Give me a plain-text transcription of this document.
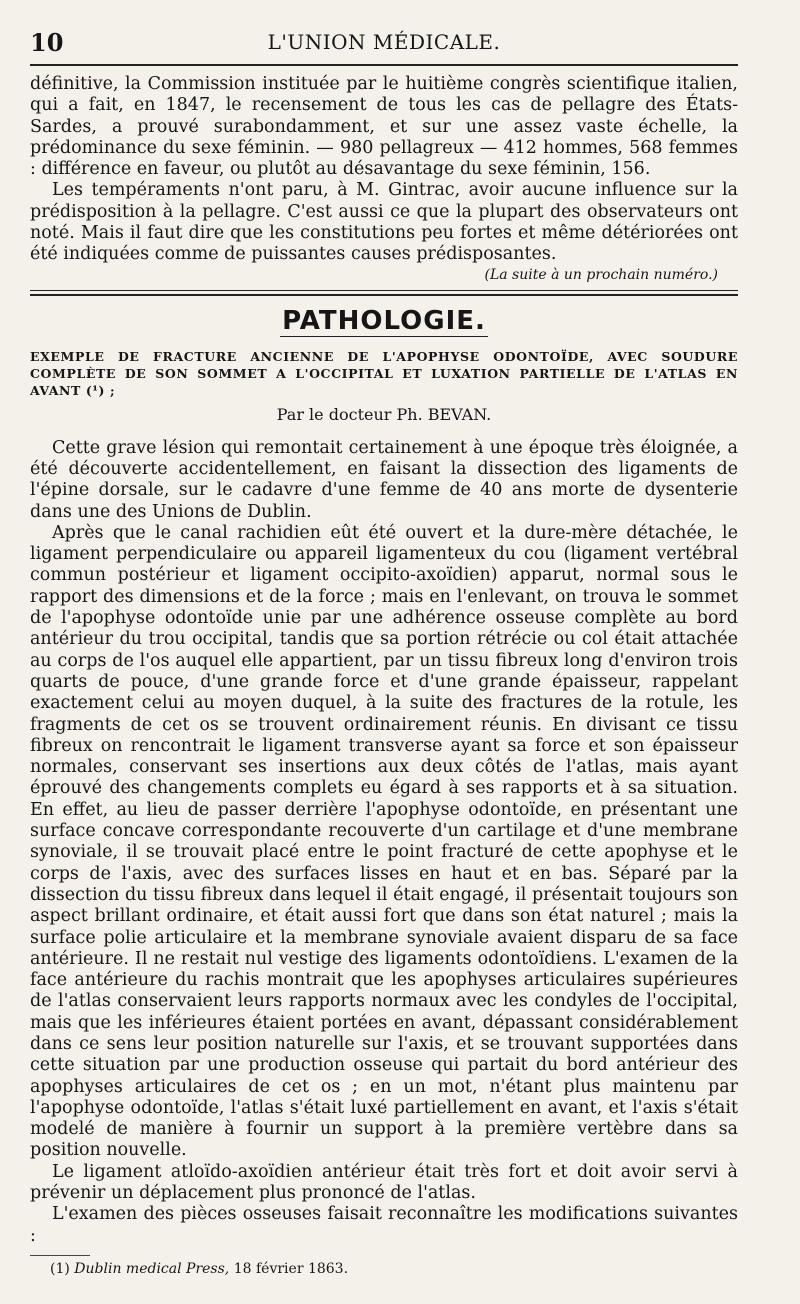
10	L'UNION MÉDICALE.

définitive, la Commission instituée par le huitième congrès scientifique italien, qui a fait, en 1847, le recensement de tous les cas de pellagre des États-Sardes, a prouvé surabondamment, et sur une assez vaste échelle, la prédominance du sexe féminin. — 980 pellagreux — 412 hommes, 568 femmes : différence en faveur, ou plutôt au désavantage du sexe féminin, 156.

Les tempéraments n'ont paru, à M. Gintrac, avoir aucune influence sur la prédisposition à la pellagre. C'est aussi ce que la plupart des observateurs ont noté. Mais il faut dire que les constitutions peu fortes et même détériorées ont été indiquées comme de puissantes causes prédisposantes.

(La suite à un prochain numéro.)
PATHOLOGIE.
EXEMPLE DE FRACTURE ANCIENNE DE L'APOPHYSE ODONTOÏDE, AVEC SOUDURE COMPLÈTE DE SON SOMMET A L'OCCIPITAL ET LUXATION PARTIELLE DE L'ATLAS EN AVANT (¹) ;
Par le docteur Ph. BEVAN.

Cette grave lésion qui remontait certainement à une époque très éloignée, a été découverte accidentellement, en faisant la dissection des ligaments de l'épine dorsale, sur le cadavre d'une femme de 40 ans morte de dysenterie dans une des Unions de Dublin.

Après que le canal rachidien eût été ouvert et la dure-mère détachée, le ligament perpendiculaire ou appareil ligamenteux du cou (ligament vertébral commun postérieur et ligament occipito-axoïdien) apparut, normal sous le rapport des dimensions et de la force ; mais en l'enlevant, on trouva le sommet de l'apophyse odontoïde unie par une adhérence osseuse complète au bord antérieur du trou occipital, tandis que sa portion rétrécie ou col était attachée au corps de l'os auquel elle appartient, par un tissu fibreux long d'environ trois quarts de pouce, d'une grande force et d'une grande épaisseur, rappelant exactement celui au moyen duquel, à la suite des fractures de la rotule, les fragments de cet os se trouvent ordinairement réunis. En divisant ce tissu fibreux on rencontrait le ligament transverse ayant sa force et son épaisseur normales, conservant ses insertions aux deux côtés de l'atlas, mais ayant éprouvé des changements complets eu égard à ses rapports et à sa situation. En effet, au lieu de passer derrière l'apophyse odontoïde, en présentant une surface concave correspondante recouverte d'un cartilage et d'une membrane synoviale, il se trouvait placé entre le point fracturé de cette apophyse et le corps de l'axis, avec des surfaces lisses en haut et en bas. Séparé par la dissection du tissu fibreux dans lequel il était engagé, il présentait toujours son aspect brillant ordinaire, et était aussi fort que dans son état naturel ; mais la surface polie articulaire et la membrane synoviale avaient disparu de sa face antérieure. Il ne restait nul vestige des ligaments odontoïdiens. L'examen de la face antérieure du rachis montrait que les apophyses articulaires supérieures de l'atlas conservaient leurs rapports normaux avec les condyles de l'occipital, mais que les inférieures étaient portées en avant, dépassant considérablement dans ce sens leur position naturelle sur l'axis, et se trouvant supportées dans cette situation par une production osseuse qui partait du bord antérieur des apophyses articulaires de cet os ; en un mot, n'étant plus maintenu par l'apophyse odontoïde, l'atlas s'était luxé partiellement en avant, et l'axis s'était modelé de manière à fournir un support à la première vertèbre dans sa position nouvelle.

Le ligament atloïdo-axoïdien antérieur était très fort et doit avoir servi à prévenir un déplacement plus prononcé de l'atlas.

L'examen des pièces osseuses faisait reconnaître les modifications suivantes :

(1) Dublin medical Press, 18 février 1863.
